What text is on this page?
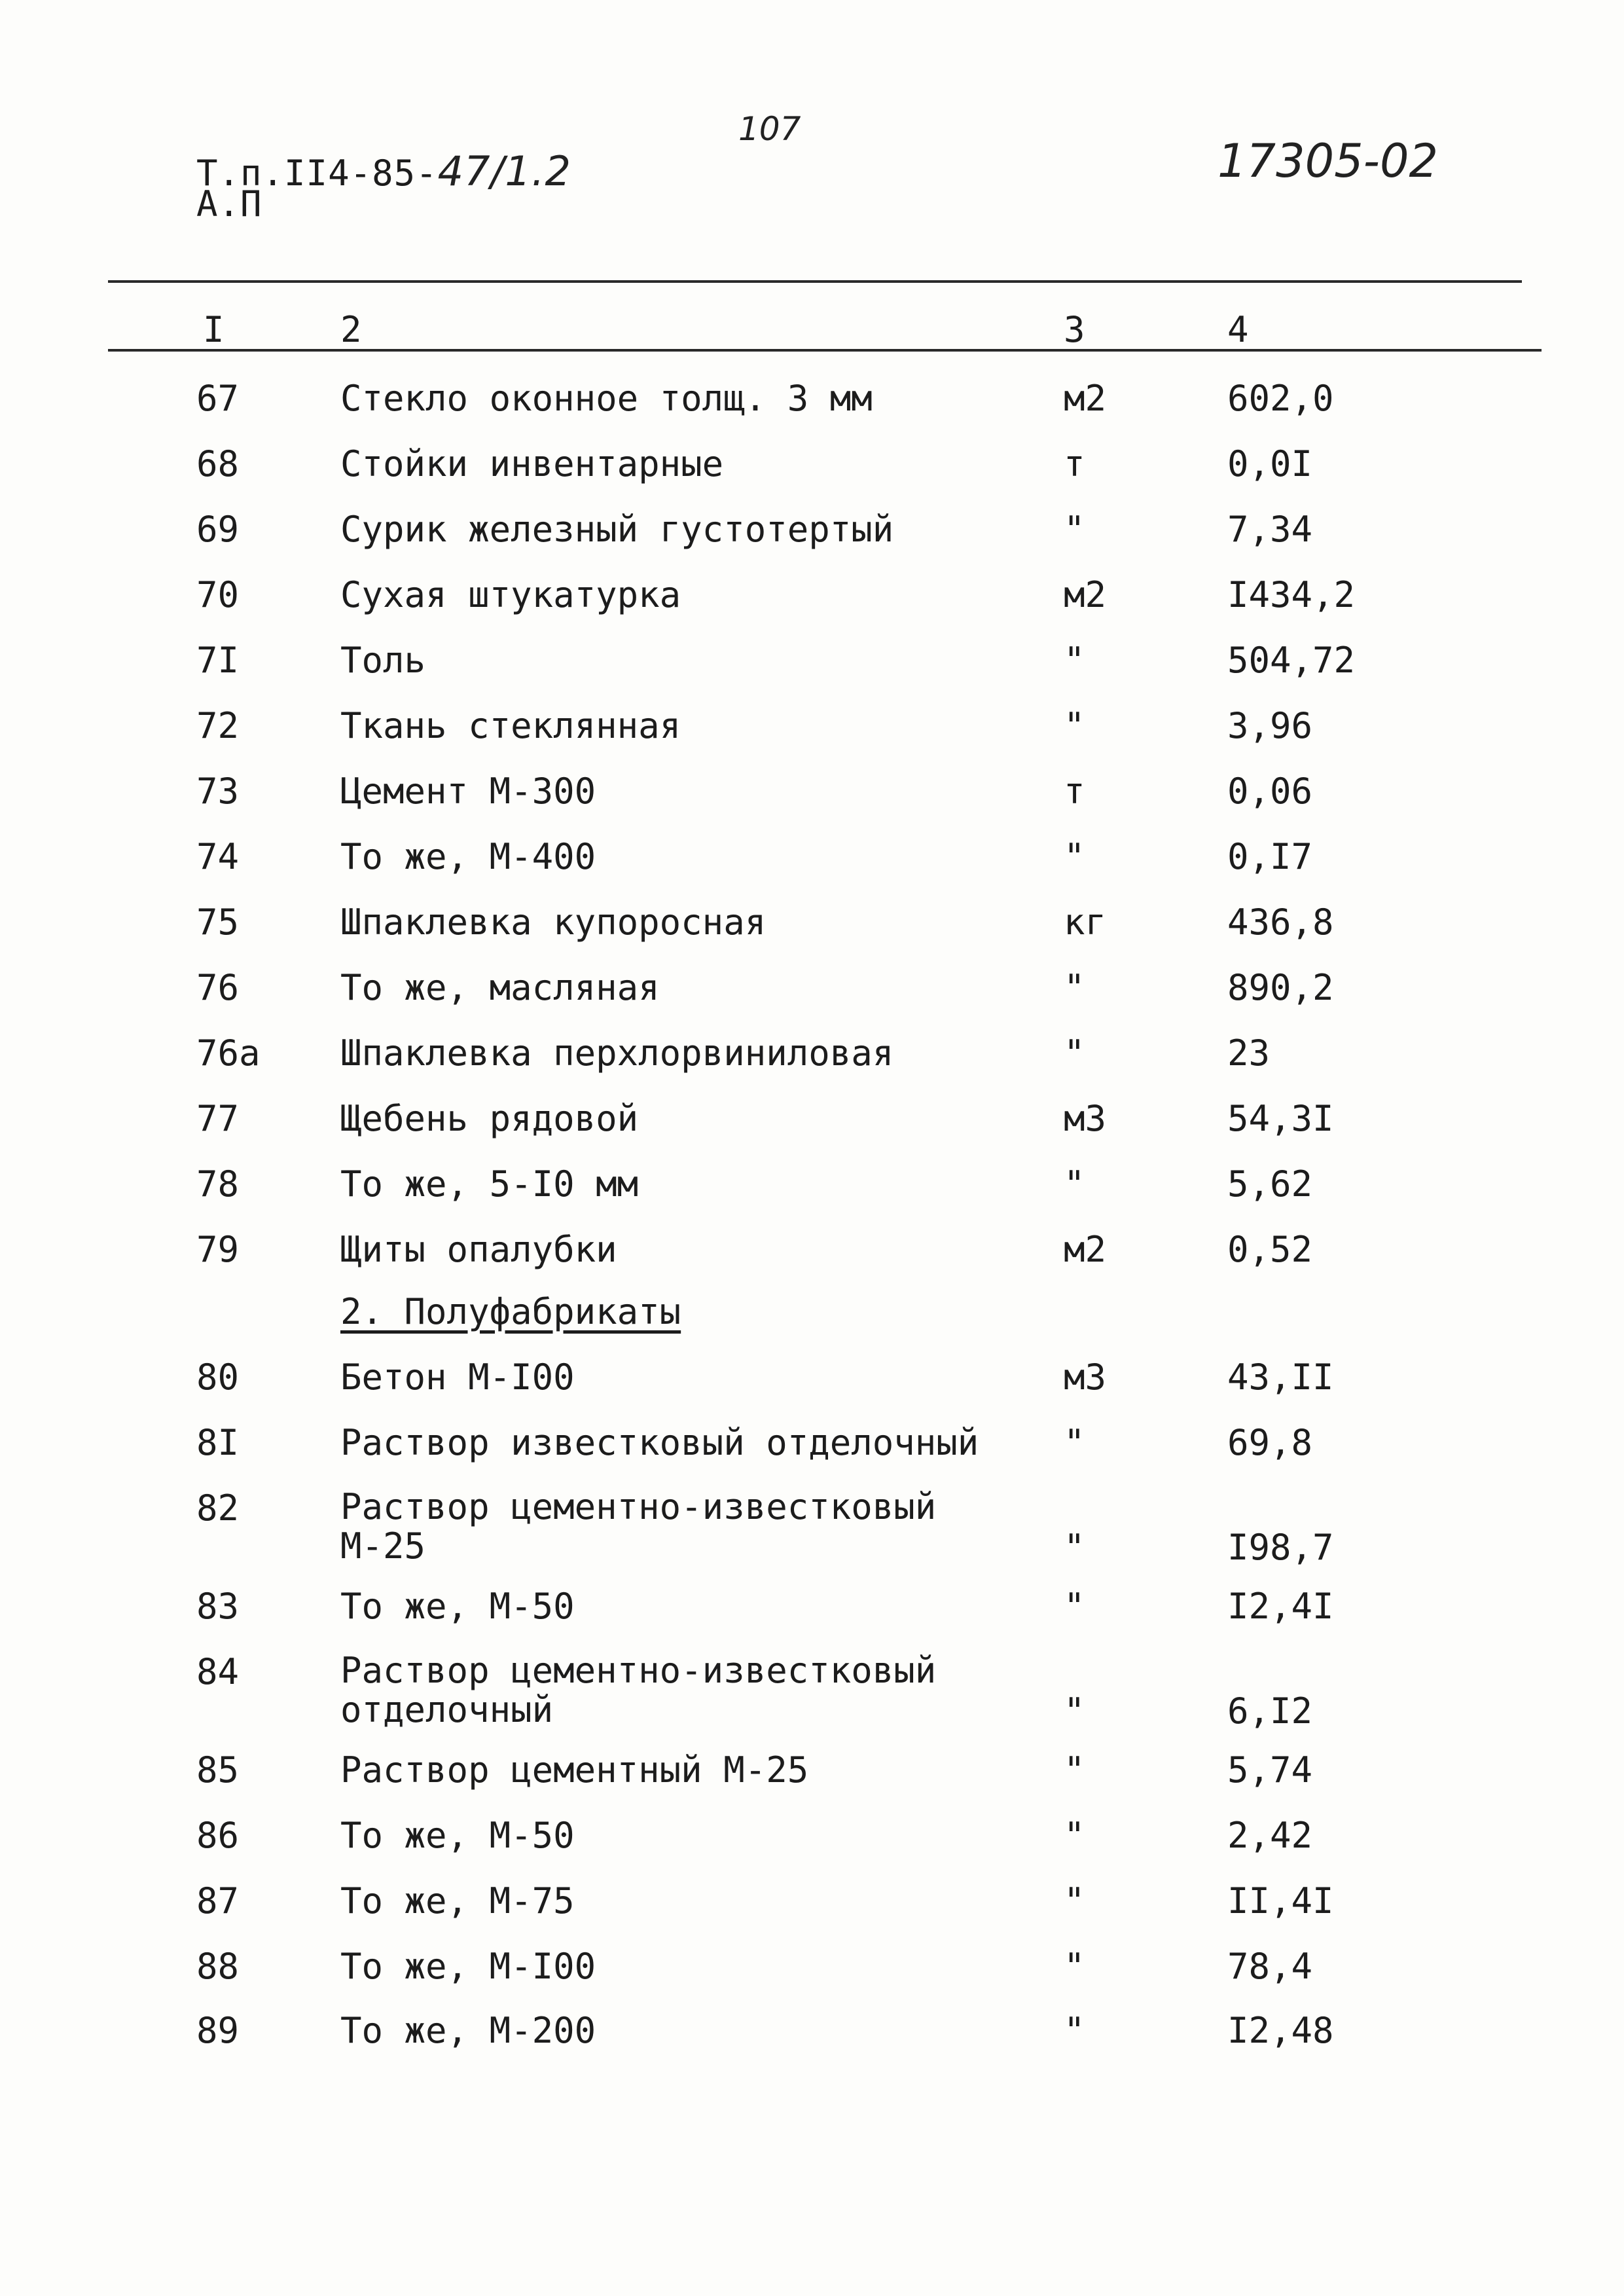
Т.п.II4-85-47/1.2
А.П
107
17305-02
I	2	3	4
67	Стекло оконное толщ. 3 мм	м2	602,0
68	Стойки инвентарные	т	0,0I
69	Сурик железный густотертый	"	7,34
70	Сухая штукатурка	м2	I434,2
7I	Толь	"	504,72
72	Ткань стеклянная	"	3,96
73	Цемент М-300	т	0,06
74	То же, М-400	"	0,I7
75	Шпаклевка купоросная	кг	436,8
76	То же, масляная	"	890,2
76а Шпаклевка перхлорвиниловая	"	23
77	Щебень рядовой	м3	54,3I
78	То же, 5-I0 мм	"	5,62
79	Щиты опалубки	м2	0,52
2. Полуфабрикаты
80	Бетон М-I00	м3	43,II
8I	Раствор известковый отделочный "	69,8
82	Раствор цементно-известковый
М-25	"	I98,7
83	То же, М-50	"	I2,4I
84	Раствор цементно-известковый
отделочный	"	6,I2
85	Раствор цементный М-25	"	5,74
86	То же, М-50	"	2,42
87	То же, М-75	"	II,4I
88	То же, М-I00	"	78,4
89	То же, М-200	"	I2,48
